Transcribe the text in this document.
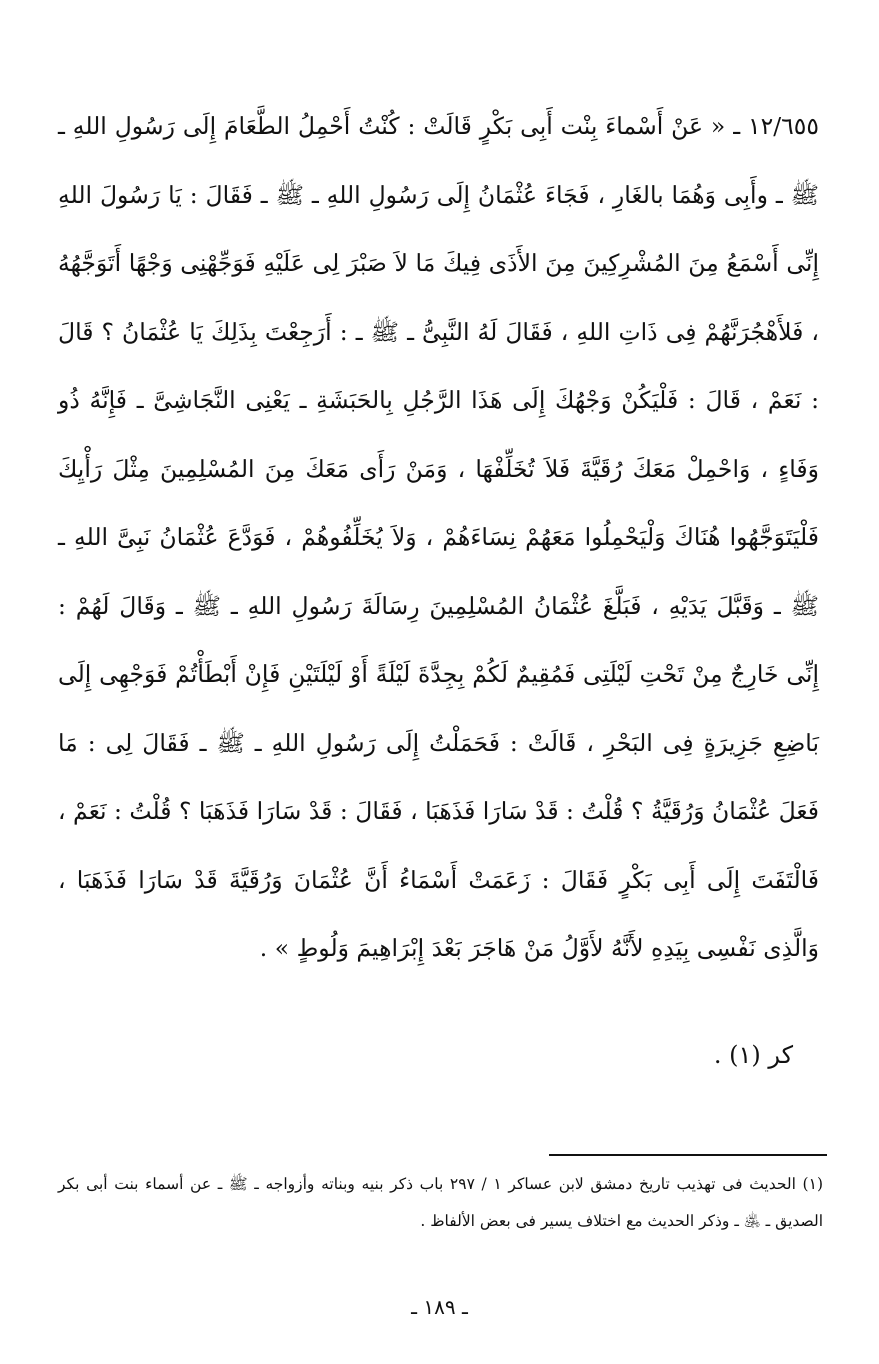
١٢/٦٥٥ ـ « عَنْ أَسْماءَ بِنْت أَبِى بَكْرٍ قَالَتْ : كُنْتُ أَحْمِلُ الطَّعَامَ إِلَى رَسُولِ اللهِ ـ ﷺ ـ وأَبِى وَهُمَا بالغَارِ ، فَجَاءَ عُثْمَانُ إِلَى رَسُولِ اللهِ ـ ﷺ ـ فَقَالَ : يَا رَسُولَ اللهِ إِنِّى أَسْمَعُ مِنَ المُشْرِكِينَ مِنَ الأَذَى فِيكَ مَا لاَ صَبْرَ لِى عَلَيْهِ فَوَجِّهْنِى وَجْهًا أَتَوَجَّهُهُ ، فَلأَهْجُرَنَّهُمْ فِى ذَاتِ اللهِ ، فَقَالَ لَهُ النَّبِىُّ ـ ﷺ ـ : أَرَجِعْتَ بِذَلِكَ يَا عُثْمَانُ ؟ قَالَ : نَعَمْ ، قَالَ : فَلْيَكُنْ وَجْهُكَ إِلَى هَذَا الرَّجُلِ بِالحَبَشَةِ ـ يَعْنِى النَّجَاشِىَّ ـ فَإِنَّهُ ذُو وَفَاءٍ ، وَاحْمِلْ مَعَكَ رُقَيَّةَ فَلاَ تُخَلِّفْهَا ، وَمَنْ رَأَى مَعَكَ مِنَ المُسْلِمِينَ مِثْلَ رَأْيِكَ فَلْيَتَوَجَّهُوا هُنَاكَ وَلْيَحْمِلُوا مَعَهُمْ نِسَاءَهُمْ ، وَلاَ يُخَلِّفُوهُمْ ، فَوَدَّعَ عُثْمَانُ نَبِىَّ اللهِ ـ ﷺ ـ وَقَبَّلَ يَدَيْهِ ، فَبَلَّغَ عُثْمَانُ المُسْلِمِينَ رِسَالَةَ رَسُولِ اللهِ ـ ﷺ ـ وَقَالَ لَهُمْ : إِنِّى خَارِجٌ مِنْ تَحْتِ لَيْلَتِى فَمُقِيمٌ لَكُمْ بِجِدَّةَ لَيْلَةً أَوْ لَيْلَتَيْنِ فَإِنْ أَبْطَأْتُمْ فَوَجْهِى إِلَى بَاضِعِ جَزِيرَةٍ فِى البَحْرِ ، قَالَتْ : فَحَمَلْتُ إِلَى رَسُولِ اللهِ ـ ﷺ ـ فَقَالَ لِى : مَا فَعَلَ عُثْمَانُ وَرُقَيَّةُ ؟ قُلْتُ : قَدْ سَارَا فَذَهَبَا ، فَقَالَ : قَدْ سَارَا فَذَهَبَا ؟ قُلْتُ : نَعَمْ ، فَالْتَفَتَ إِلَى أَبِى بَكْرٍ فَقَالَ : زَعَمَتْ أَسْمَاءُ أَنَّ عُثْمَانَ وَرُقَيَّةَ قَدْ سَارَا فَذَهَبَا ، وَالَّذِى نَفْسِى بِيَدِهِ لأَنَّهُ لأَوَّلُ مَنْ هَاجَرَ بَعْدَ إِبْرَاهِيمَ وَلُوطٍ » .

كر (١) .

(١) الحديث فى تهذيب تاريخ دمشق لابن عساكر ١ / ٢٩٧ باب ذكر بنيه وبناته وأزواجه ـ ﷺ ـ عن أسماء بنت أبى بكر الصديق ـ ﵁ ـ وذكر الحديث مع اختلاف يسير فى بعض الألفاظ .

ـ ١٨٩ ـ
